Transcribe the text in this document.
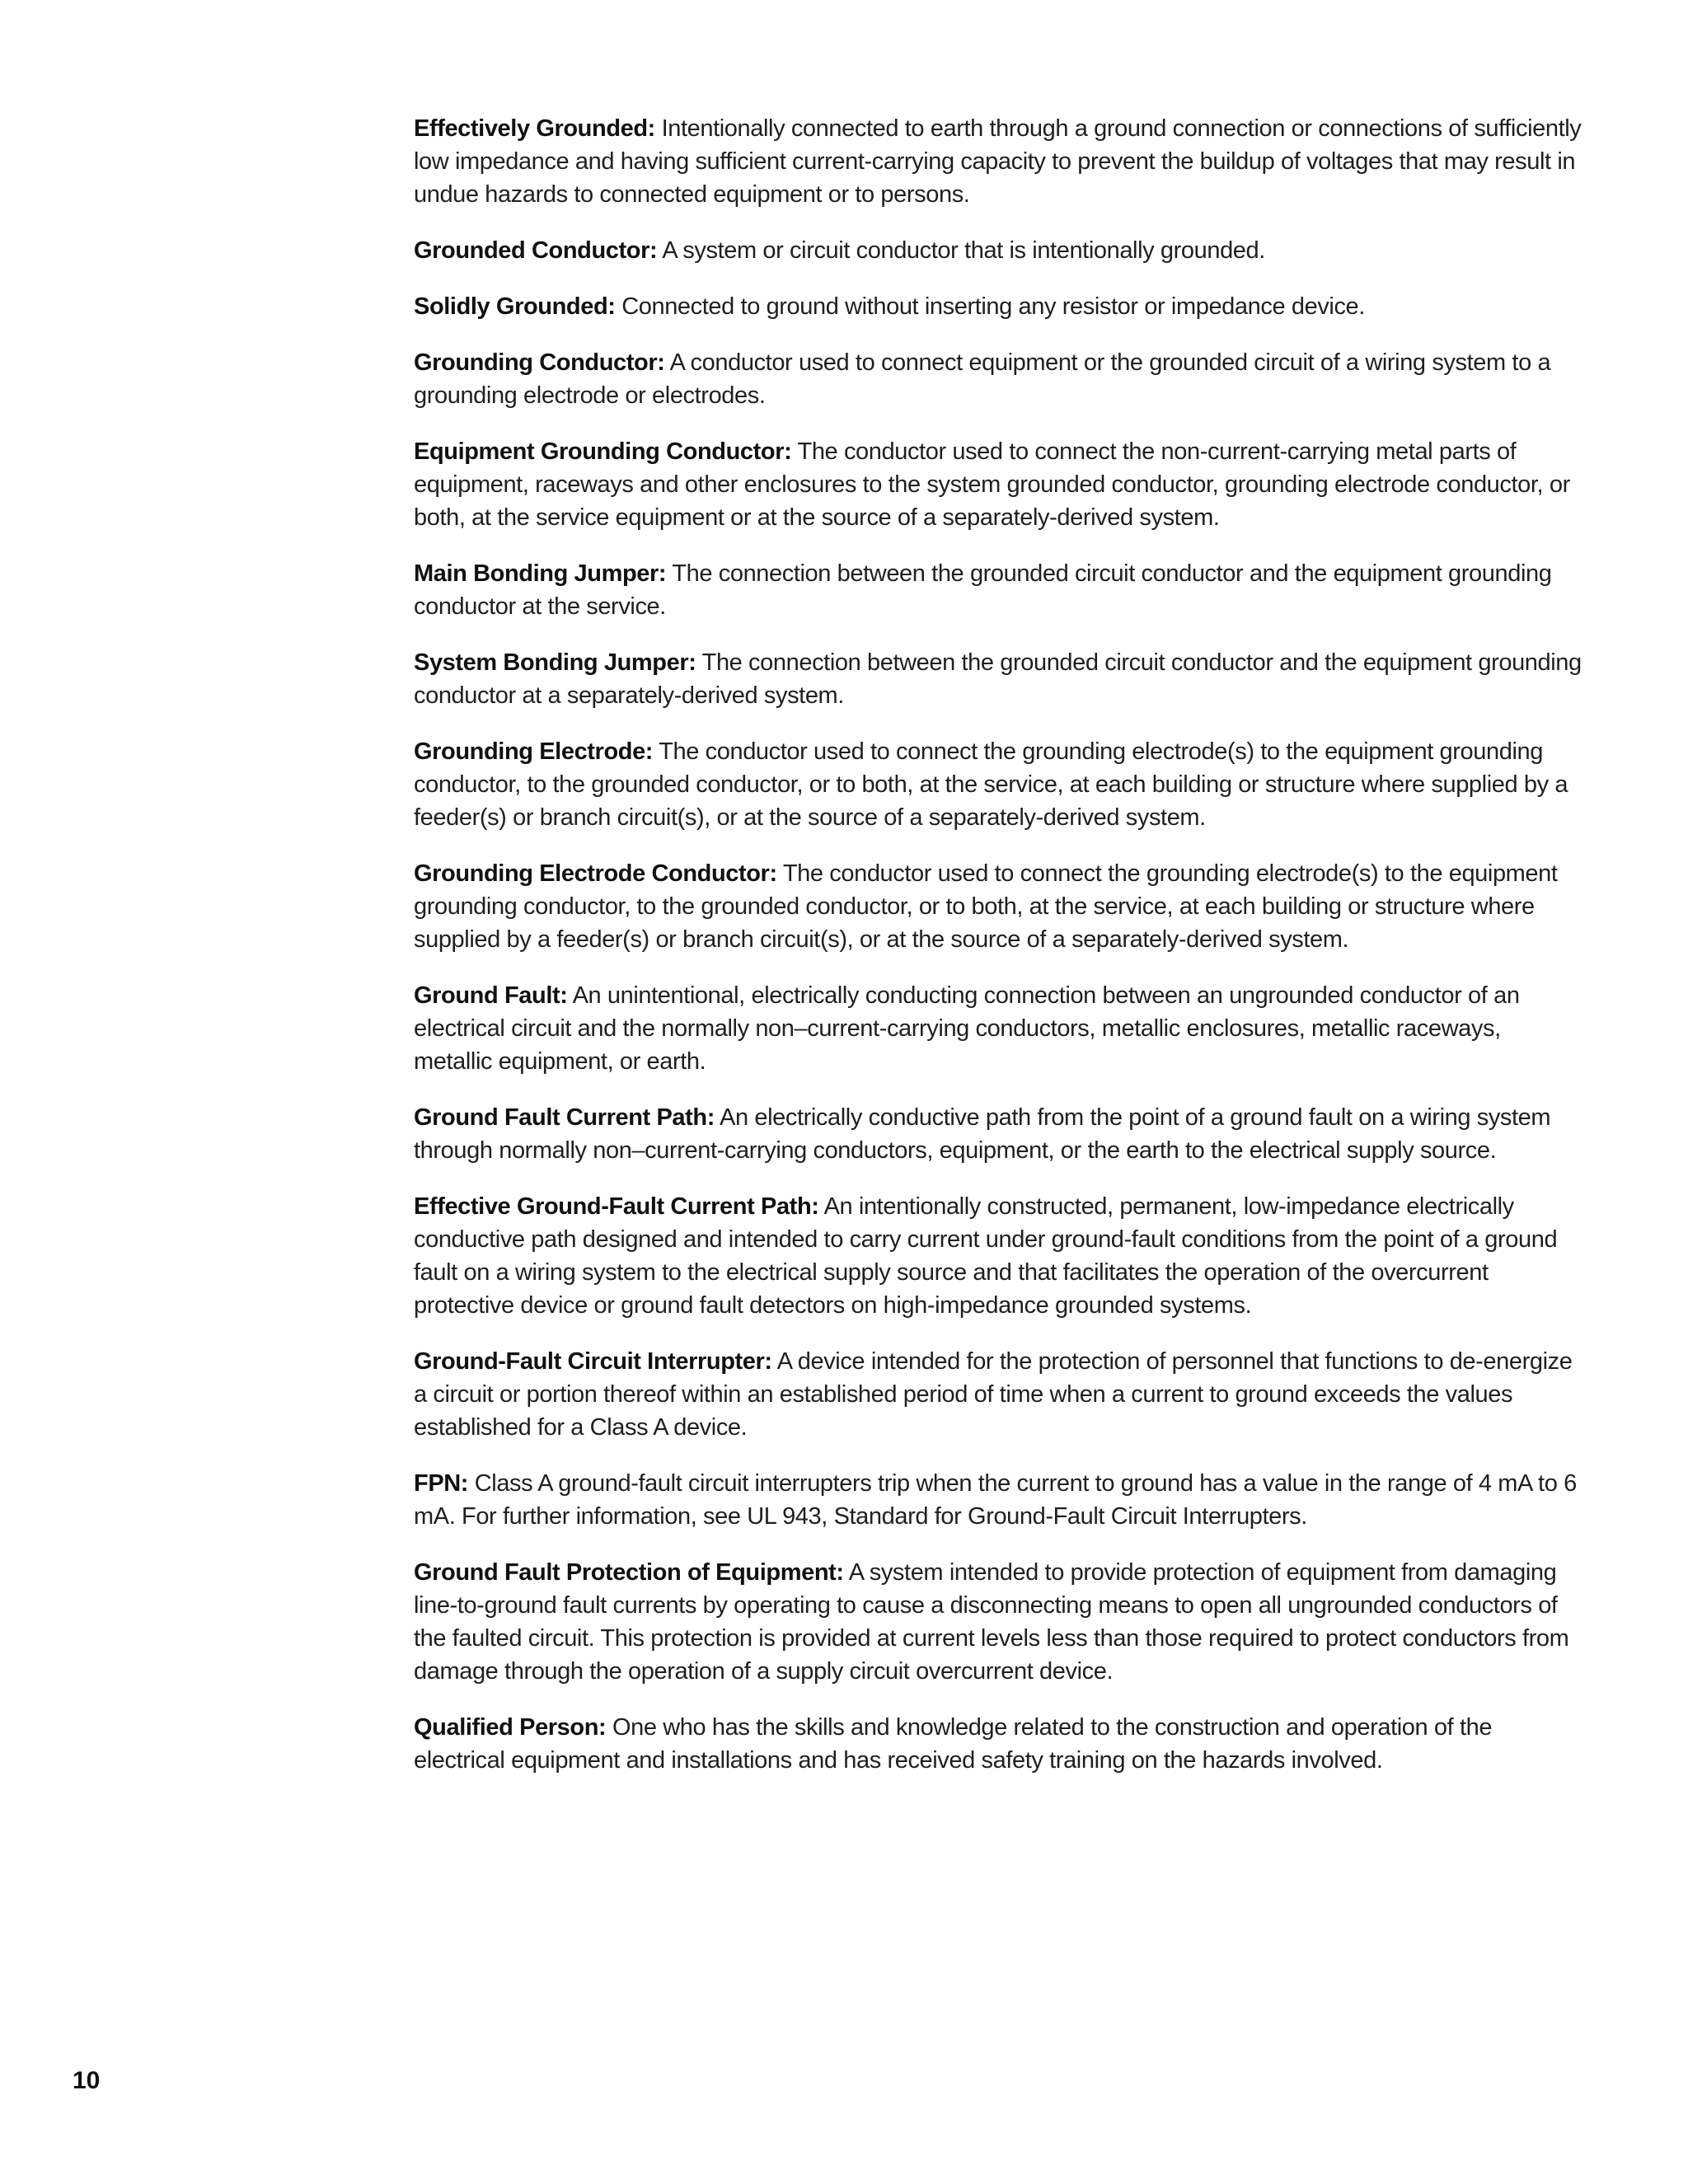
Effectively Grounded: Intentionally connected to earth through a ground connection or connections of sufficiently low impedance and having sufficient current-carrying capacity to prevent the buildup of voltages that may result in undue hazards to connected equipment or to persons.

Grounded Conductor: A system or circuit conductor that is intentionally grounded.

Solidly Grounded: Connected to ground without inserting any resistor or impedance device.

Grounding Conductor: A conductor used to connect equipment or the grounded circuit of a wiring system to a grounding electrode or electrodes.

Equipment Grounding Conductor: The conductor used to connect the non-current-carrying metal parts of equipment, raceways and other enclosures to the system grounded conductor, grounding electrode conductor, or both, at the service equipment or at the source of a separately-derived system.

Main Bonding Jumper: The connection between the grounded circuit conductor and the equipment grounding conductor at the service.

System Bonding Jumper: The connection between the grounded circuit conductor and the equipment grounding conductor at a separately-derived system.

Grounding Electrode: The conductor used to connect the grounding electrode(s) to the equipment grounding conductor, to the grounded conductor, or to both, at the service, at each building or structure where supplied by a feeder(s) or branch circuit(s), or at the source of a separately-derived system.

Grounding Electrode Conductor: The conductor used to connect the grounding electrode(s) to the equipment grounding conductor, to the grounded conductor, or to both, at the service, at each building or structure where supplied by a feeder(s) or branch circuit(s), or at the source of a separately-derived system.

Ground Fault: An unintentional, electrically conducting connection between an ungrounded conductor of an electrical circuit and the normally non–current-carrying conductors, metallic enclosures, metallic raceways, metallic equipment, or earth.

Ground Fault Current Path: An electrically conductive path from the point of a ground fault on a wiring system through normally non–current-carrying conductors, equipment, or the earth to the electrical supply source.

Effective Ground-Fault Current Path: An intentionally constructed, permanent, low-impedance electrically conductive path designed and intended to carry current under ground-fault conditions from the point of a ground fault on a wiring system to the electrical supply source and that facilitates the operation of the overcurrent protective device or ground fault detectors on high-impedance grounded systems.

Ground-Fault Circuit Interrupter: A device intended for the protection of personnel that functions to de-energize a circuit or portion thereof within an established period of time when a current to ground exceeds the values established for a Class A device.

FPN: Class A ground-fault circuit interrupters trip when the current to ground has a value in the range of 4 mA to 6 mA. For further information, see UL 943, Standard for Ground-Fault Circuit Interrupters.

Ground Fault Protection of Equipment: A system intended to provide protection of equipment from damaging line-to-ground fault currents by operating to cause a disconnecting means to open all ungrounded conductors of the faulted circuit. This protection is provided at current levels less than those required to protect conductors from damage through the operation of a supply circuit overcurrent device.

Qualified Person: One who has the skills and knowledge related to the construction and operation of the electrical equipment and installations and has received safety training on the hazards involved.

10
